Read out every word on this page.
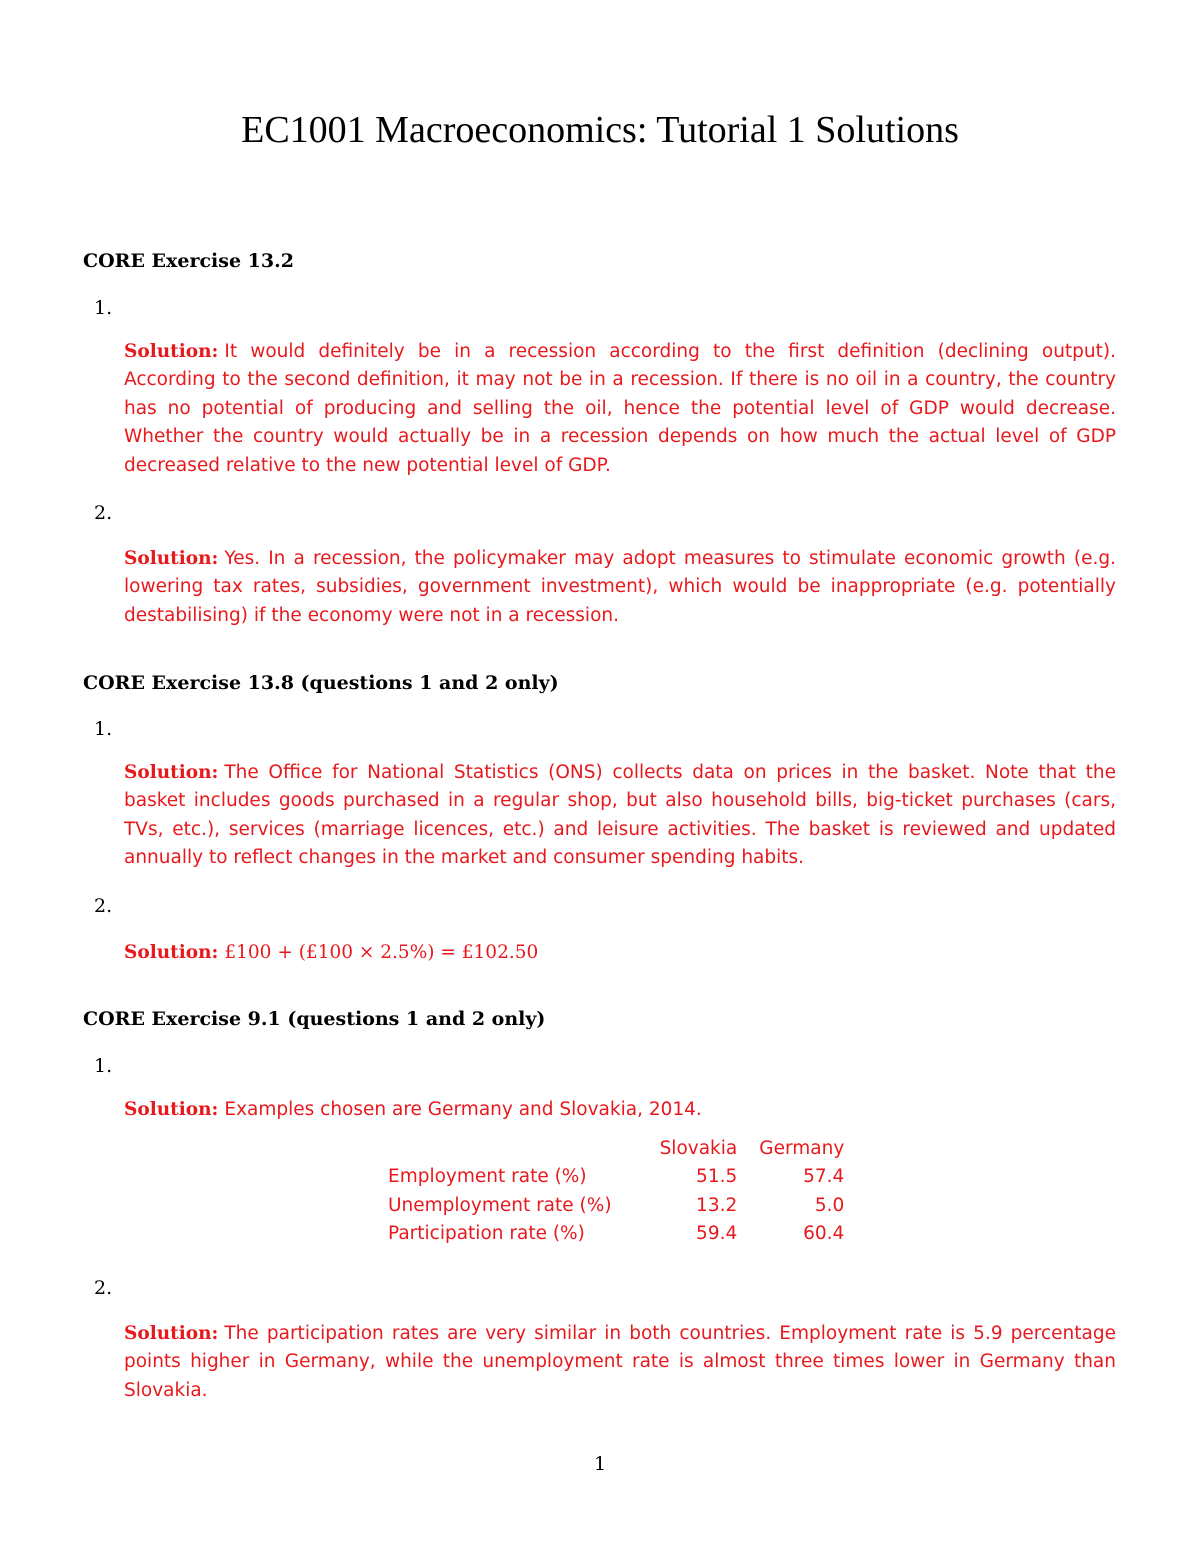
EC1001 Macroeconomics: Tutorial 1 Solutions
CORE Exercise 13.2
1.

Solution: It would definitely be in a recession according to the first definition (declining output). According to the second definition, it may not be in a recession. If there is no oil in a country, the country has no potential of producing and selling the oil, hence the potential level of GDP would decrease. Whether the country would actually be in a recession depends on how much the actual level of GDP decreased relative to the new potential level of GDP.

2.

Solution: Yes. In a recession, the policymaker may adopt measures to stimulate economic growth (e.g. lowering tax rates, subsidies, government investment), which would be inappropriate (e.g. potentially destabilising) if the economy were not in a recession.

CORE Exercise 13.8 (questions 1 and 2 only)
1.

Solution: The Office for National Statistics (ONS) collects data on prices in the basket. Note that the basket includes goods purchased in a regular shop, but also household bills, big-ticket purchases (cars, TVs, etc.), services (marriage licences, etc.) and leisure activities. The basket is reviewed and updated annually to reflect changes in the market and consumer spending habits.

2.

Solution: £100 + (£100 × 2.5%) = £102.50

CORE Exercise 9.1 (questions 1 and 2 only)
1.

Solution: Examples chosen are Germany and Slovakia, 2014.

	Slovakia	Germany
Employment rate (%)	51.5	57.4
Unemployment rate (%)	13.2	5.0
Participation rate (%)	59.4	60.4
2.

Solution: The participation rates are very similar in both countries. Employment rate is 5.9 percentage points higher in Germany, while the unemployment rate is almost three times lower in Germany than Slovakia.

1
